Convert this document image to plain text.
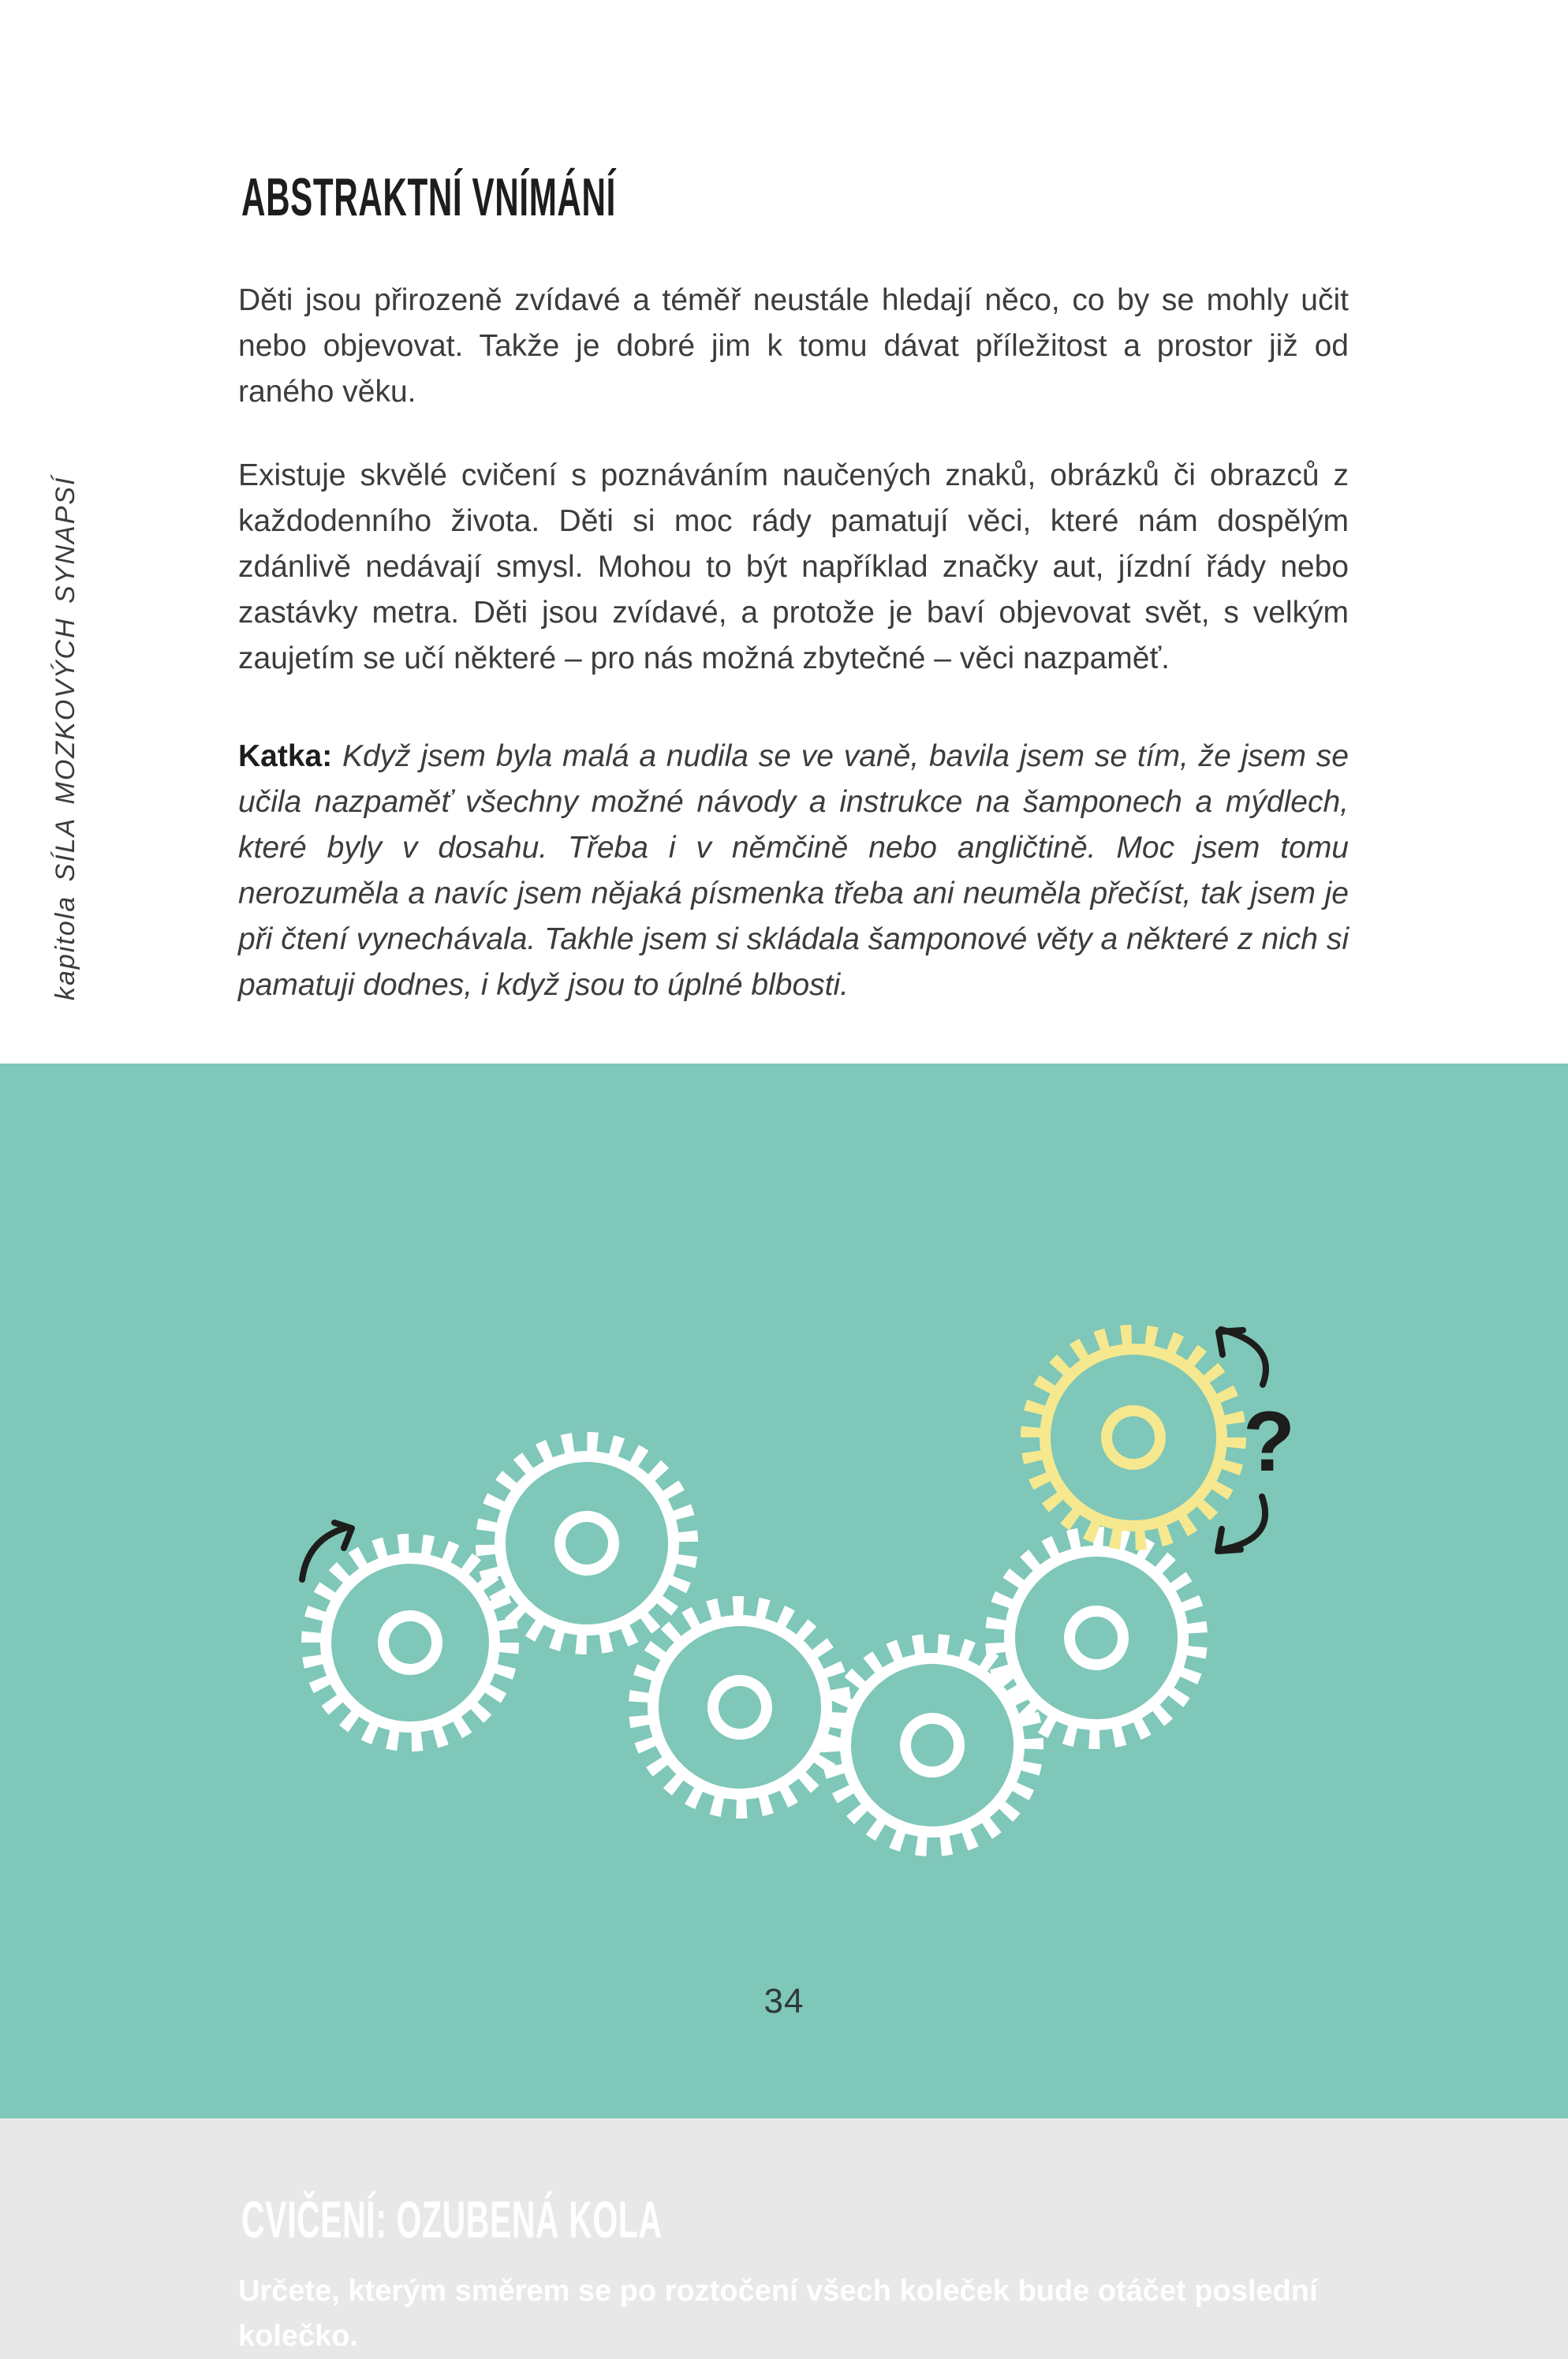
kapitola SÍLA MOZKOVÝCH SYNAPSÍ
ABSTRAKTNÍ VNÍMÁNÍ

Děti jsou přirozeně zvídavé a téměř neustále hledají něco, co by se mohly učit nebo objevovat. Takže je dobré jim k tomu dávat příležitost a prostor již od raného věku.

Existuje skvělé cvičení s poznáváním naučených znaků, obrázků či obrazců z každodenního života. Děti si moc rády pamatují věci, které nám dospělým zdánlivě nedávají smysl. Mohou to být například značky aut, jízdní řády nebo zastávky metra. Děti jsou zvídavé, a protože je baví objevovat svět, s velkým zaujetím se učí některé – pro nás možná zbytečné – věci nazpaměť.

Katka: Když jsem byla malá a nudila se ve vaně, bavila jsem se tím, že jsem se učila nazpaměť všechny možné návody a instrukce na šamponech a mýdlech, které byly v dosahu. Třeba i v němčině nebo angličtině. Moc jsem tomu nerozuměla a navíc jsem nějaká písmenka třeba ani neuměla přečíst, tak jsem je při čtení vynechávala. Takhle jsem si skládala šamponové věty a některé z nich si pamatuji dodnes, i když jsou to úplné blbosti.

CVIČENÍ: OZUBENÁ KOLA
Určete, kterým směrem se po roztočení všech koleček bude otáčet poslední
kolečko.
?
34
